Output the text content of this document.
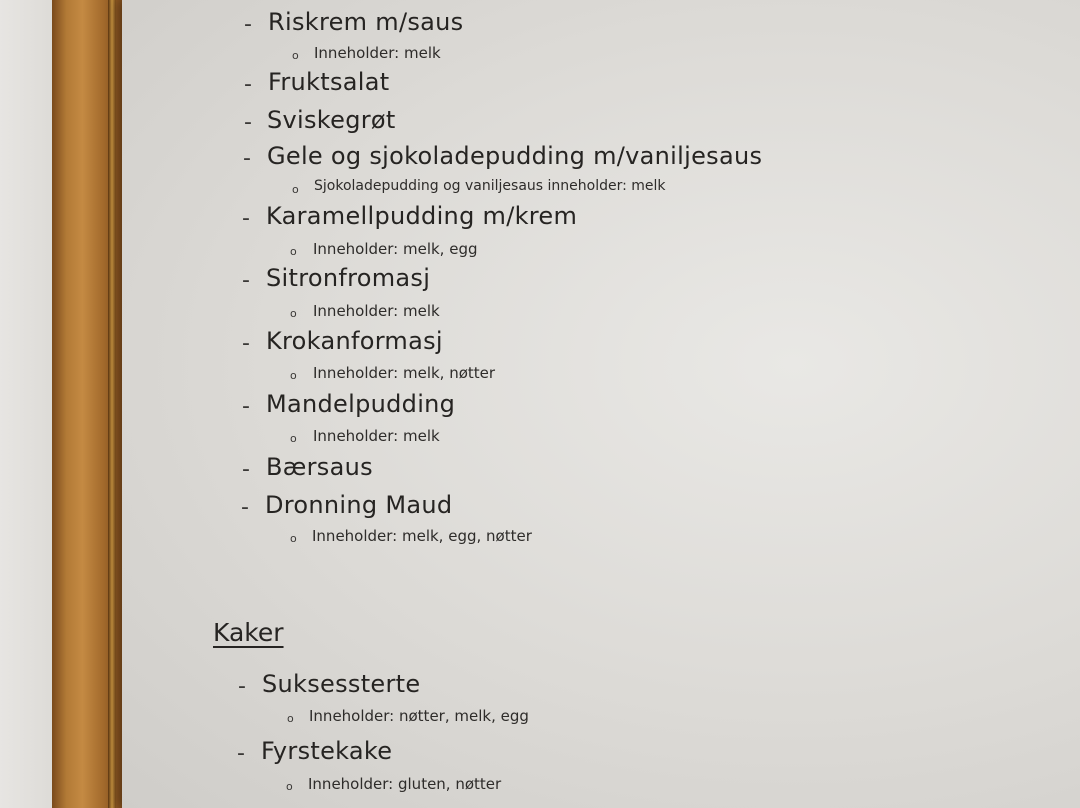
- Riskrem m/saus
o Inneholder: melk
- Fruktsalat
- Sviskegrøt
- Gele og sjokoladepudding m/vaniljesaus
o Sjokoladepudding og vaniljesaus inneholder: melk
- Karamellpudding m/krem
o Inneholder: melk, egg
- Sitronfromasj
o Inneholder: melk
- Krokanformasj
o Inneholder: melk, nøtter
- Mandelpudding
o Inneholder: melk
- Bærsaus
- Dronning Maud
o Inneholder: melk, egg, nøtter
Kaker
- Suksessterte
o Inneholder: nøtter, melk, egg
- Fyrstekake
o Inneholder: gluten, nøtter
